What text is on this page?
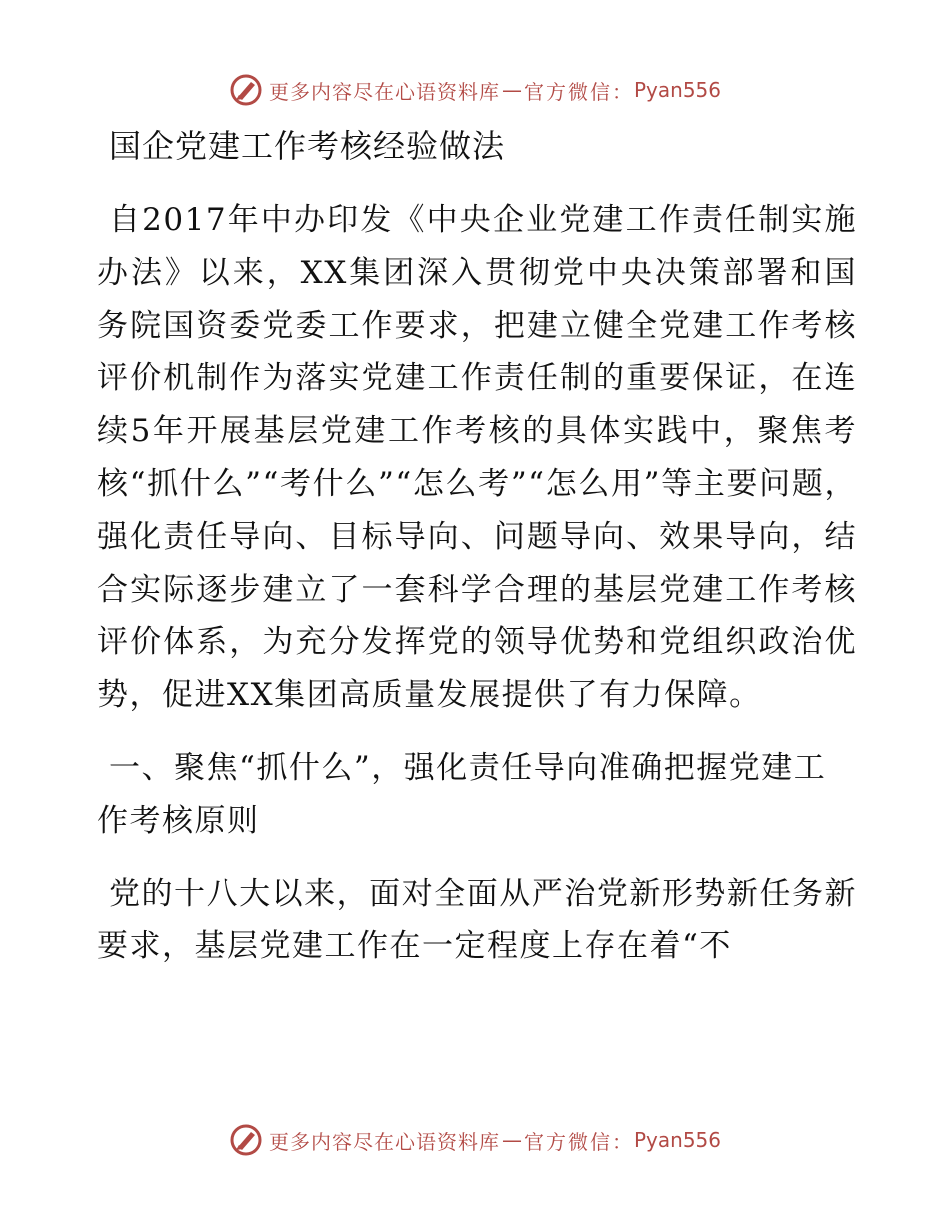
更多内容尽在心语资料库 — 官方微信： Pyan556
国企党建工作考核经验做法

自2017年中办印发《中央企业党建工作责任制实施办法》以来，XX集团深入贯彻党中央决策部署和国务院国资委党委工作要求，把建立健全党建工作考核评价机制作为落实党建工作责任制的重要保证，在连续5年开展基层党建工作考核的具体实践中，聚焦考核“抓什么”“考什么”“怎么考”“怎么用”等主要问题，强化责任导向、目标导向、问题导向、效果导向，结合实际逐步建立了一套科学合理的基层党建工作考核评价体系，为充分发挥党的领导优势和党组织政治优势，促进XX集团高质量发展提供了有力保障。

一、聚焦“抓什么”，强化责任导向准确把握党建工作考核原则

党的十八大以来，面对全面从严治党新形势新任务新要求，基层党建工作在一定程度上存在着“不

更多内容尽在心语资料库 — 官方微信： Pyan556
